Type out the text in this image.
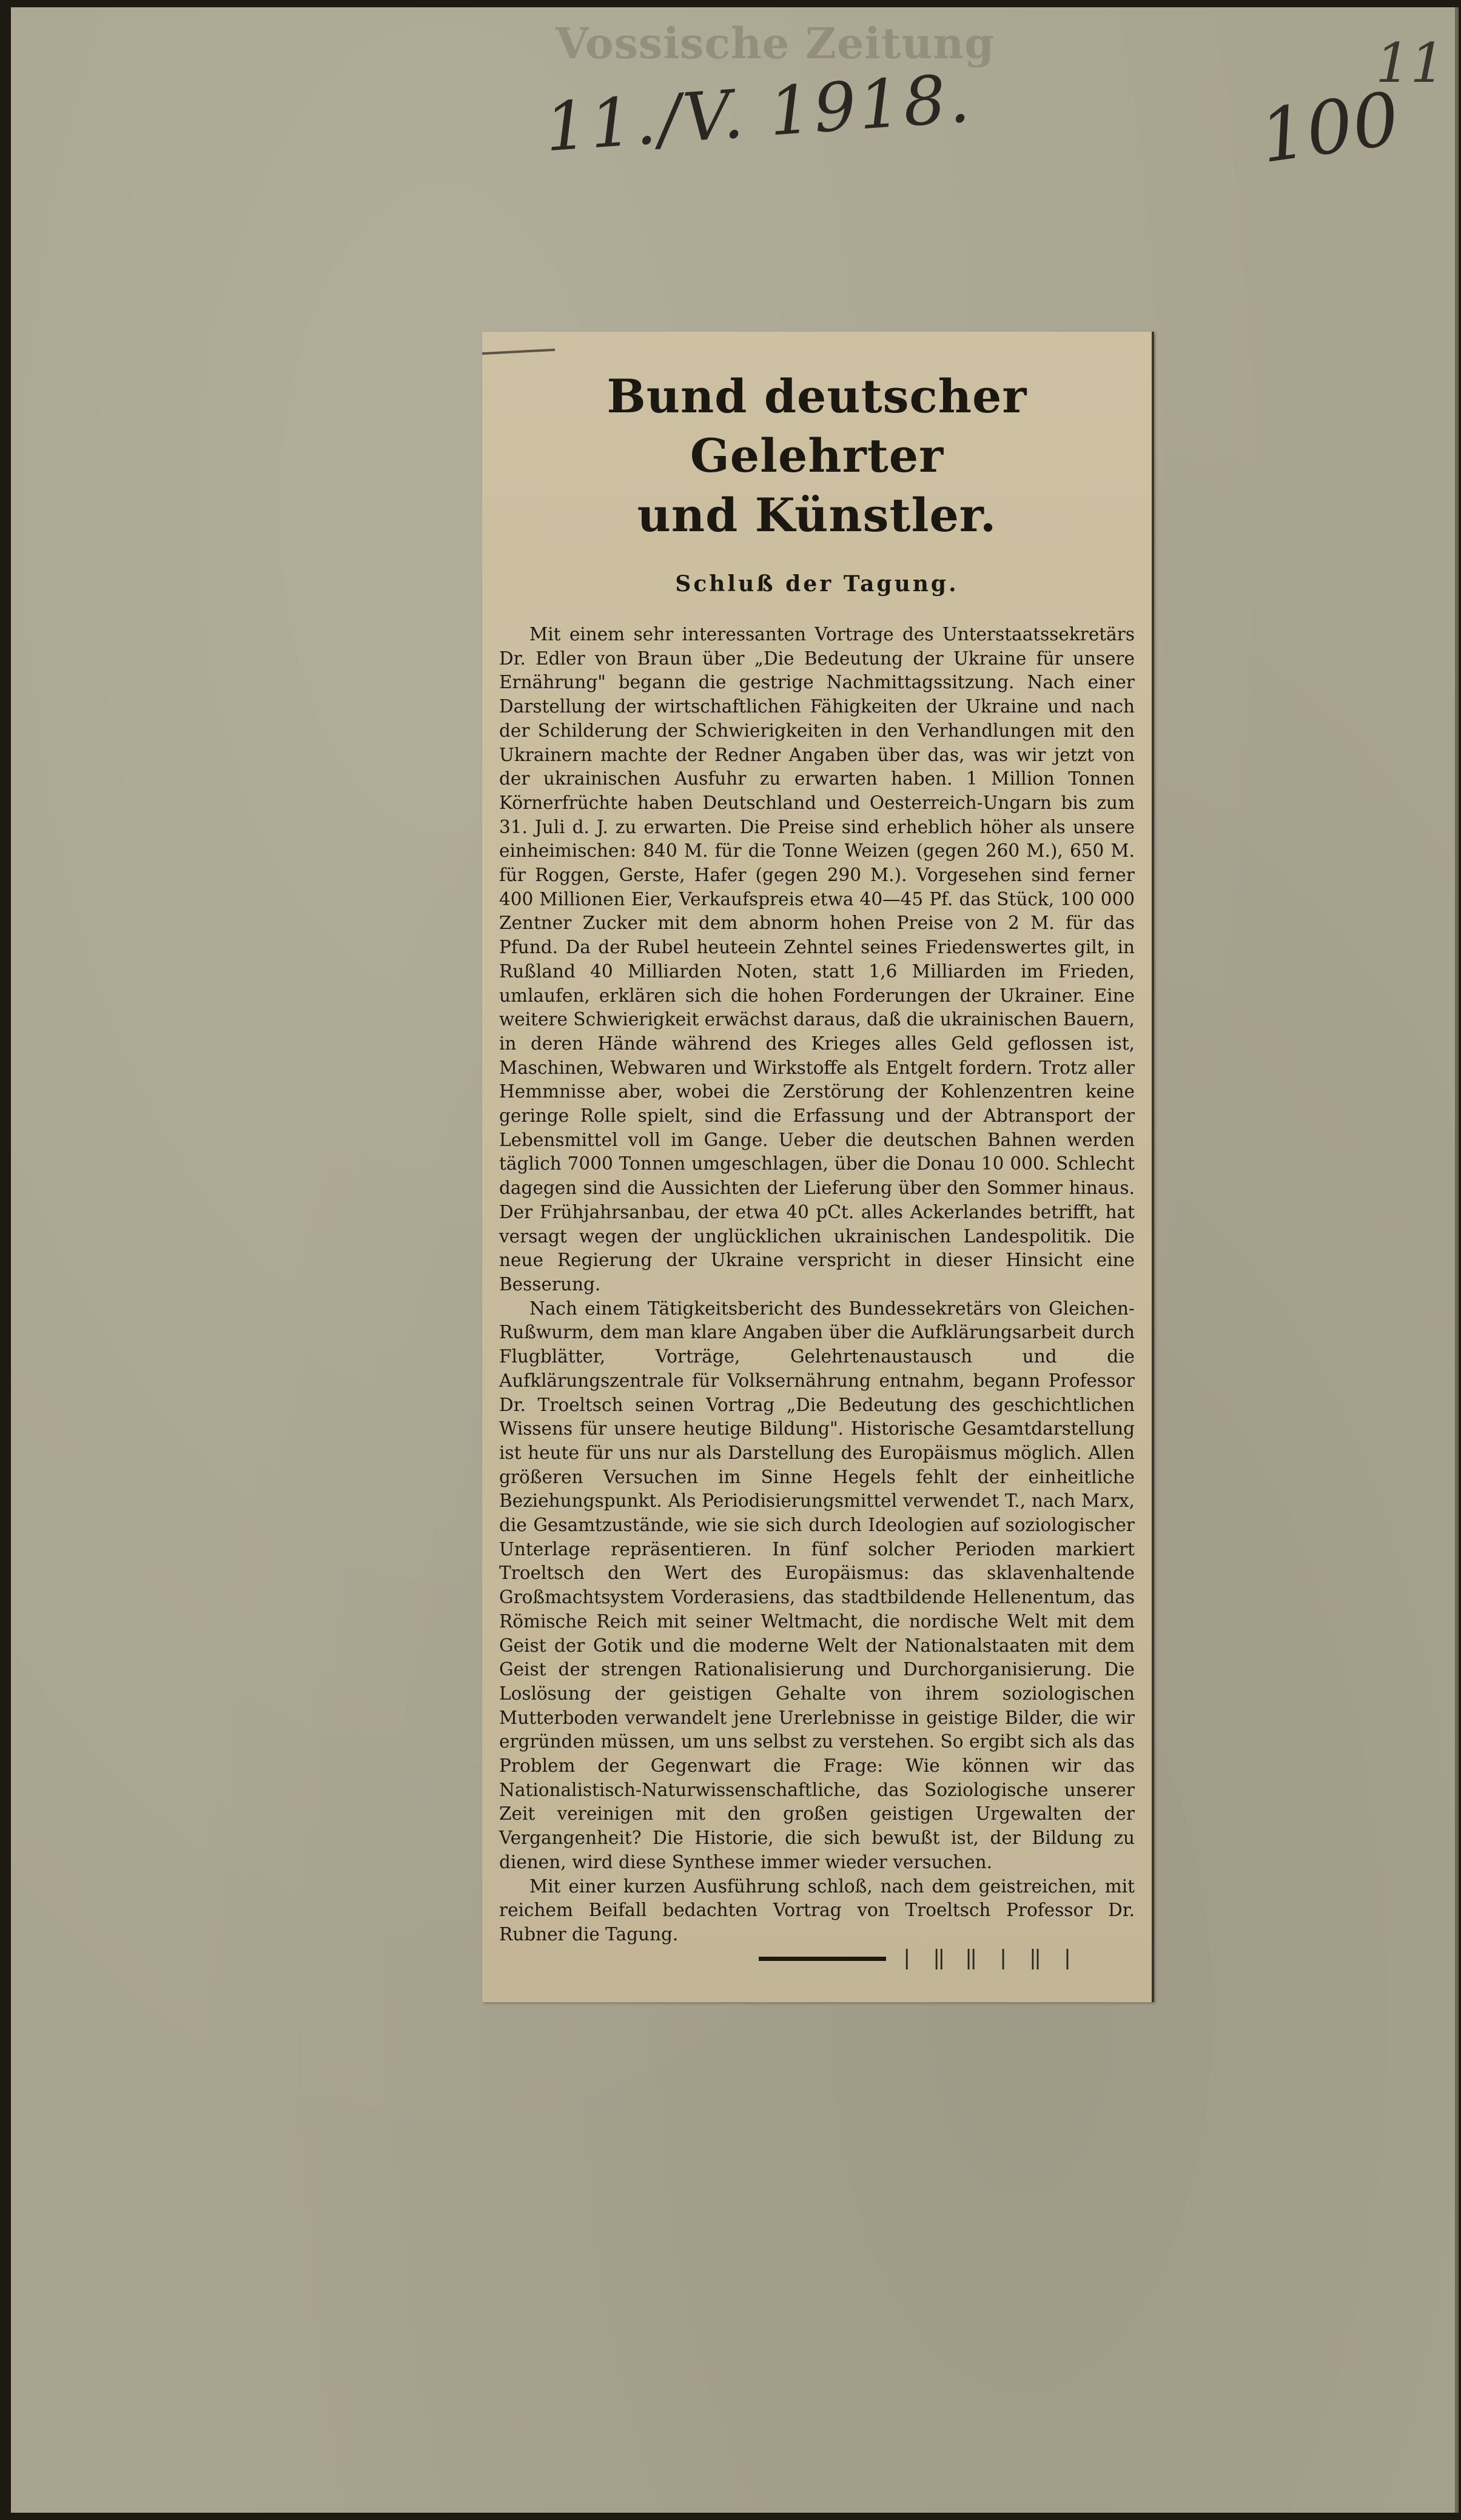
Vossische Zeitung
11./V. 1918.	100
11
Bund deutscher Gelehrter
und Künstler.
Schluß der Tagung.

Mit einem sehr interessanten Vortrage des Unterstaatssekretärs Dr. Edler von Braun über „Die Bedeutung der Ukraine für unsere Ernährung" begann die gestrige Nachmittagssitzung. Nach einer Darstellung der wirtschaftlichen Fähigkeiten der Ukraine und nach der Schilderung der Schwierigkeiten in den Verhandlungen mit den Ukrainern machte der Redner Angaben über das, was wir jetzt von der ukrainischen Ausfuhr zu erwarten haben. 1 Million Tonnen Körnerfrüchte haben Deutschland und Oesterreich-Ungarn bis zum 31. Juli d. J. zu erwarten. Die Preise sind erheblich höher als unsere einheimischen: 840 M. für die Tonne Weizen (gegen 260 M.), 650 M. für Roggen, Gerste, Hafer (gegen 290 M.). Vorgesehen sind ferner 400 Millionen Eier, Verkaufspreis etwa 40—45 Pf. das Stück, 100 000 Zentner Zucker mit dem abnorm hohen Preise von 2 M. für das Pfund. Da der Rubel heuteein Zehntel seines Friedenswertes gilt, in Rußland 40 Milliarden Noten, statt 1,6 Milliarden im Frieden, umlaufen, erklären sich die hohen Forderungen der Ukrainer. Eine weitere Schwierigkeit erwächst daraus, daß die ukrainischen Bauern, in deren Hände während des Krieges alles Geld geflossen ist, Maschinen, Webwaren und Wirkstoffe als Entgelt fordern. Trotz aller Hemmnisse aber, wobei die Zerstörung der Kohlenzentren keine geringe Rolle spielt, sind die Erfassung und der Abtransport der Lebensmittel voll im Gange. Ueber die deutschen Bahnen werden täglich 7000 Tonnen umgeschlagen, über die Donau 10 000. Schlecht dagegen sind die Aussichten der Lieferung über den Sommer hinaus. Der Frühjahrsanbau, der etwa 40 pCt. alles Ackerlandes betrifft, hat versagt wegen der unglücklichen ukrainischen Landespolitik. Die neue Regierung der Ukraine verspricht in dieser Hinsicht eine Besserung.

Nach einem Tätigkeitsbericht des Bundessekretärs von Gleichen-Rußwurm, dem man klare Angaben über die Aufklärungsarbeit durch Flugblätter, Vorträge, Gelehrtenaustausch und die Aufklärungszentrale für Volksernährung entnahm, begann Professor Dr. Troeltsch seinen Vortrag „Die Bedeutung des geschichtlichen Wissens für unsere heutige Bildung". Historische Gesamtdarstellung ist heute für uns nur als Darstellung des Europäismus möglich. Allen größeren Versuchen im Sinne Hegels fehlt der einheitliche Beziehungspunkt. Als Periodisierungsmittel verwendet T., nach Marx, die Gesamtzustände, wie sie sich durch Ideologien auf soziologischer Unterlage repräsentieren. In fünf solcher Perioden markiert Troeltsch den Wert des Europäismus: das sklavenhaltende Großmachtsystem Vorderasiens, das stadtbildende Hellenentum, das Römische Reich mit seiner Weltmacht, die nordische Welt mit dem Geist der Gotik und die moderne Welt der Nationalstaaten mit dem Geist der strengen Rationalisierung und Durchorganisierung. Die Loslösung der geistigen Gehalte von ihrem soziologischen Mutterboden verwandelt jene Urerlebnisse in geistige Bilder, die wir ergründen müssen, um uns selbst zu verstehen. So ergibt sich als das Problem der Gegenwart die Frage: Wie können wir das Nationalistisch-Naturwissenschaftliche, das Soziologische unserer Zeit vereinigen mit den großen geistigen Urgewalten der Vergangenheit? Die Historie, die sich bewußt ist, der Bildung zu dienen, wird diese Synthese immer wieder versuchen.

Mit einer kurzen Ausführung schloß, nach dem geistreichen, mit reichem Beifall bedachten Vortrag von Troeltsch Professor Dr. Rubner die Tagung.

| ‖ ‖ | ‖ |
